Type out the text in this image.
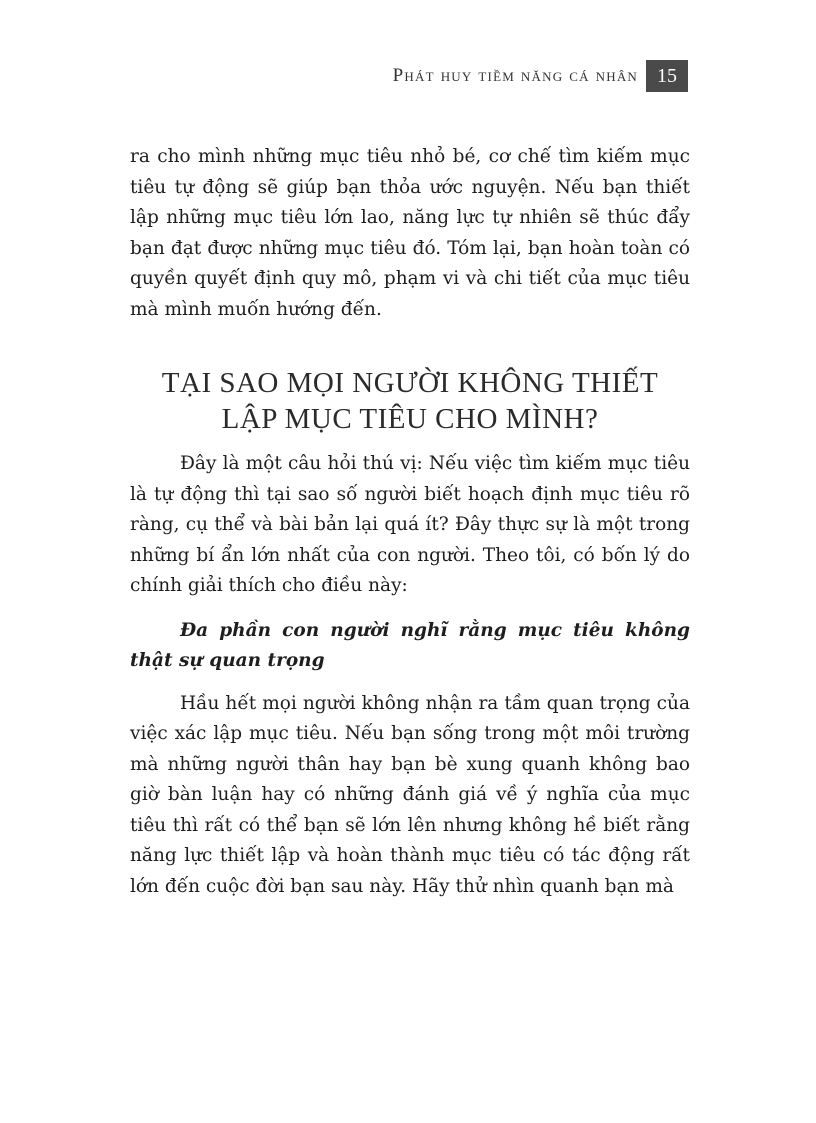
Phát huy tiềm năng cá nhân 15

ra cho mình những mục tiêu nhỏ bé, cơ chế tìm kiếm mục tiêu tự động sẽ giúp bạn thỏa ước nguyện. Nếu bạn thiết lập những mục tiêu lớn lao, năng lực tự nhiên sẽ thúc đẩy bạn đạt được những mục tiêu đó. Tóm lại, bạn hoàn toàn có quyền quyết định quy mô, phạm vi và chi tiết của mục tiêu mà mình muốn hướng đến.

TẠI SAO MỌI NGƯỜI KHÔNG THIẾT
LẬP MỤC TIÊU CHO MÌNH?

Đây là một câu hỏi thú vị: Nếu việc tìm kiếm mục tiêu là tự động thì tại sao số người biết hoạch định mục tiêu rõ ràng, cụ thể và bài bản lại quá ít? Đây thực sự là một trong những bí ẩn lớn nhất của con người. Theo tôi, có bốn lý do chính giải thích cho điều này:

Đa phần con người nghĩ rằng mục tiêu không thật sự quan trọng

Hầu hết mọi người không nhận ra tầm quan trọng của việc xác lập mục tiêu. Nếu bạn sống trong một môi trường mà những người thân hay bạn bè xung quanh không bao giờ bàn luận hay có những đánh giá về ý nghĩa của mục tiêu thì rất có thể bạn sẽ lớn lên nhưng không hề biết rằng năng lực thiết lập và hoàn thành mục tiêu có tác động rất lớn đến cuộc đời bạn sau này. Hãy thử nhìn quanh bạn mà
